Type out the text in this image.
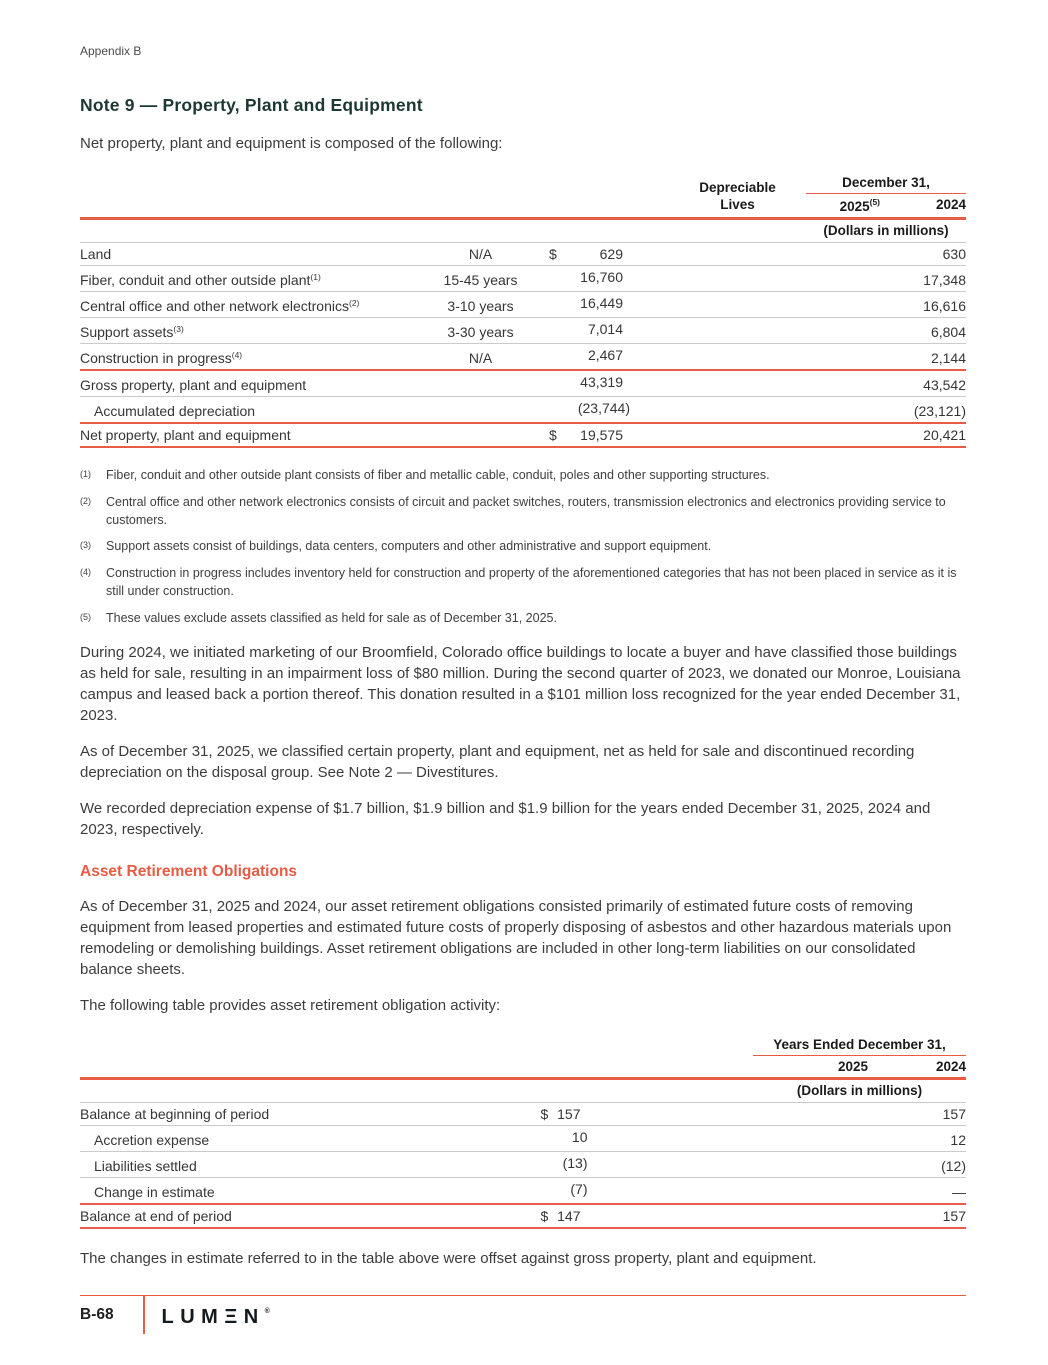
Appendix B
Note 9 — Property, Plant and Equipment

Net property, plant and equipment is composed of the following:

Depreciable
Lives
December 31,
2025$^{(5)}$	2024
(Dollars in millions)
Land	N/A	$	629	630
Fiber, conduit and other outside plant$^{(1)}$	15-45 years	16,760	17,348
Central office and other network electronics$^{(2)}$	3-10 years	16,449	16,616
Support assets$^{(3)}$	3-30 years	7,014	6,804
Construction in progress$^{(4)}$	N/A	2,467	2,144
Gross property, plant and equipment	43,319	43,542
Accumulated depreciation	(23,744)	(23,121)
Net property, plant and equipment	$ 19,575	20,421
(1)	Fiber, conduit and other outside plant consists of fiber and metallic cable, conduit, poles and other supporting structures.
(2)	Central office and other network electronics consists of circuit and packet switches, routers, transmission electronics and electronics providing service to customers.
(3)	Support assets consist of buildings, data centers, computers and other administrative and support equipment.
(4)	Construction in progress includes inventory held for construction and property of the aforementioned categories that has not been placed in service as it is still under construction.
(5)	These values exclude assets classified as held for sale as of December 31, 2025.

During 2024, we initiated marketing of our Broomfield, Colorado office buildings to locate a buyer and have classified those buildings as held for sale, resulting in an impairment loss of $80 million. During the second quarter of 2023, we donated our Monroe, Louisiana campus and leased back a portion thereof. This donation resulted in a $101 million loss recognized for the year ended December 31, 2023.

As of December 31, 2025, we classified certain property, plant and equipment, net as held for sale and discontinued recording depreciation on the disposal group. See Note 2 — Divestitures.

We recorded depreciation expense of $1.7 billion, $1.9 billion and $1.9 billion for the years ended December 31, 2025, 2024 and 2023, respectively.

Asset Retirement Obligations

As of December 31, 2025 and 2024, our asset retirement obligations consisted primarily of estimated future costs of removing equipment from leased properties and estimated future costs of properly disposing of asbestos and other hazardous materials upon remodeling or demolishing buildings. Asset retirement obligations are included in other long-term liabilities on our consolidated balance sheets.

The following table provides asset retirement obligation activity:

Years Ended December 31,
2025	2024
(Dollars in millions)
Balance at beginning of period	$ 157	157
Accretion expense	10	12
Liabilities settled	(13)	(12)
Change in estimate	(7)	—
Balance at end of period	$ 147	157

The changes in estimate referred to in the table above were offset against gross property, plant and equipment.

B-68	LUMΞN®
